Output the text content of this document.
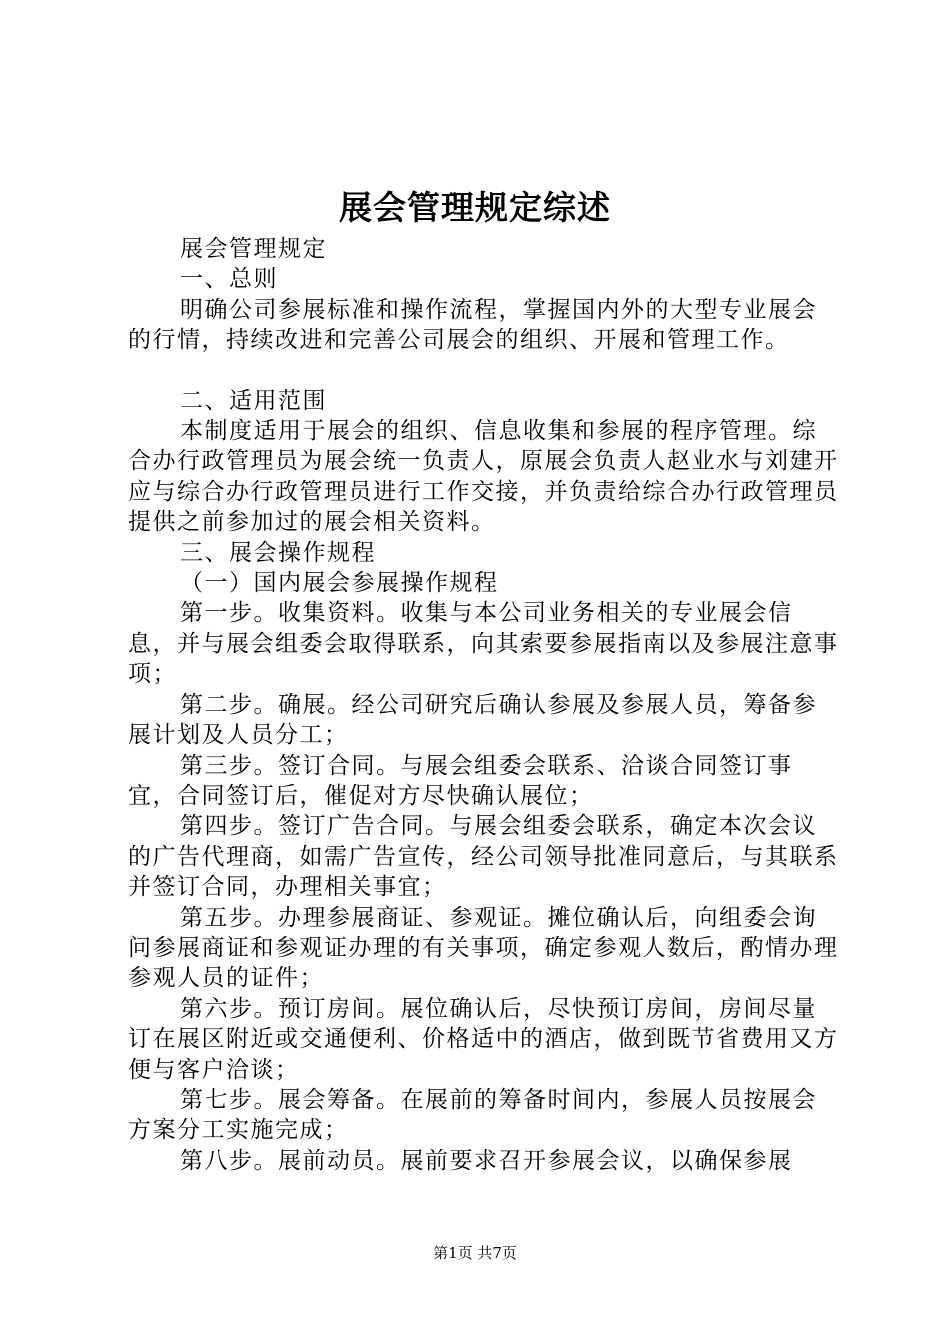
展会管理规定综述

展会管理规定

一、总则

明确公司参展标准和操作流程，掌握国内外的大型专业展会的行情，持续改进和完善公司展会的组织、开展和管理工作。

二、适用范围

本制度适用于展会的组织、信息收集和参展的程序管理。综合办行政管理员为展会统一负责人，原展会负责人赵业水与刘建开应与综合办行政管理员进行工作交接，并负责给综合办行政管理员提供之前参加过的展会相关资料。

三、展会操作规程

（一）国内展会参展操作规程

第一步。收集资料。收集与本公司业务相关的专业展会信息，并与展会组委会取得联系，向其索要参展指南以及参展注意事项；

第二步。确展。经公司研究后确认参展及参展人员，筹备参展计划及人员分工；

第三步。签订合同。与展会组委会联系、洽谈合同签订事宜，合同签订后，催促对方尽快确认展位；

第四步。签订广告合同。与展会组委会联系，确定本次会议的广告代理商，如需广告宣传，经公司领导批准同意后，与其联系并签订合同，办理相关事宜；

第五步。办理参展商证、参观证。摊位确认后，向组委会询问参展商证和参观证办理的有关事项，确定参观人数后，酌情办理参观人员的证件；

第六步。预订房间。展位确认后，尽快预订房间，房间尽量订在展区附近或交通便利、价格适中的酒店，做到既节省费用又方便与客户洽谈；

第七步。展会筹备。在展前的筹备时间内，参展人员按展会方案分工实施完成；

第八步。展前动员。展前要求召开参展会议，以确保参展

第1页 共7页
